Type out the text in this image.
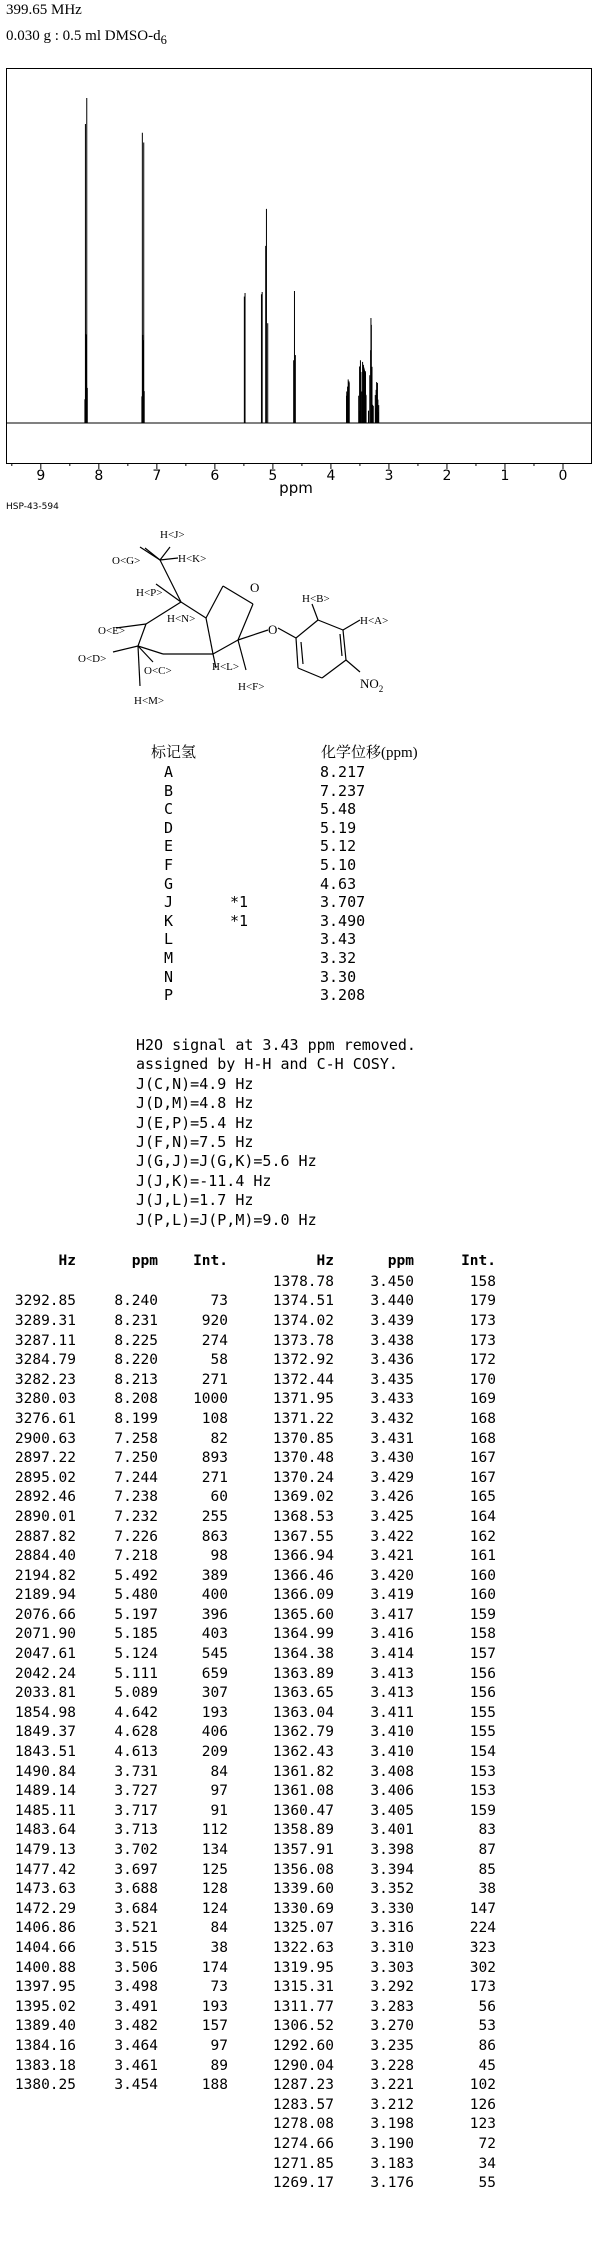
399.65 MHz
0.030 g : 0.5 ml DMSO-$d_6$
9	8	7	6	5	4	3	2	1	0
ppm
HSP-43-594
H<J>
H<K>
O<G>
H<P>
H<N>
O<E>
O<D>
O<C>	H<L>
H<F>
H<M>
O
O
H<B>
H<A>
$NO_2$
标记氢		化学位移(ppm)
A		8.217
B		7.237
C		5.48
D		5.19
E		5.12
F		5.10
G		4.63
J	*1	3.707
K	*1	3.490
L		3.43
M		3.32
N		3.30
P		3.208
H2O signal at 3.43 ppm removed.
assigned by H-H and C-H COSY.
J(C,N)=4.9 Hz
J(D,M)=4.8 Hz
J(E,P)=5.4 Hz
J(F,N)=7.5 Hz
J(G,J)=J(G,K)=5.6 Hz
J(J,K)=-11.4 Hz
J(J,L)=1.7 Hz
J(P,L)=J(P,M)=9.0 Hz
Hz	ppm	Int.

3292.85	8.240	73
3289.31	8.231	920
3287.11	8.225	274
3284.79	8.220	58
3282.23	8.213	271
3280.03	8.208	1000
3276.61	8.199	108
2900.63	7.258	82
2897.22	7.250	893
2895.02	7.244	271
2892.46	7.238	60
2890.01	7.232	255
2887.82	7.226	863
2884.40	7.218	98
2194.82	5.492	389
2189.94	5.480	400
2076.66	5.197	396
2071.90	5.185	403
2047.61	5.124	545
2042.24	5.111	659
2033.81	5.089	307
1854.98	4.642	193
1849.37	4.628	406
1843.51	4.613	209
1490.84	3.731	84
1489.14	3.727	97
1485.11	3.717	91
1483.64	3.713	112
1479.13	3.702	134
1477.42	3.697	125
1473.63	3.688	128
1472.29	3.684	124
1406.86	3.521	84
1404.66	3.515	38
1400.88	3.506	174
1397.95	3.498	73
1395.02	3.491	193
1389.40	3.482	157
1384.16	3.464	97
1383.18	3.461	89
1380.25	3.454	188
Hz	ppm	Int.
1378.78	3.450	158
1374.51	3.440	179
1374.02	3.439	173
1373.78	3.438	173
1372.92	3.436	172
1372.44	3.435	170
1371.95	3.433	169
1371.22	3.432	168
1370.85	3.431	168
1370.48	3.430	167
1370.24	3.429	167
1369.02	3.426	165
1368.53	3.425	164
1367.55	3.422	162
1366.94	3.421	161
1366.46	3.420	160
1366.09	3.419	160
1365.60	3.417	159
1364.99	3.416	158
1364.38	3.414	157
1363.89	3.413	156
1363.65	3.413	156
1363.04	3.411	155
1362.79	3.410	155
1362.43	3.410	154
1361.82	3.408	153
1361.08	3.406	153
1360.47	3.405	159
1358.89	3.401	83
1357.91	3.398	87
1356.08	3.394	85
1339.60	3.352	38
1330.69	3.330	147
1325.07	3.316	224
1322.63	3.310	323
1319.95	3.303	302
1315.31	3.292	173
1311.77	3.283	56
1306.52	3.270	53
1292.60	3.235	86
1290.04	3.228	45
1287.23	3.221	102
1283.57	3.212	126
1278.08	3.198	123
1274.66	3.190	72
1271.85	3.183	34
1269.17	3.176	55
